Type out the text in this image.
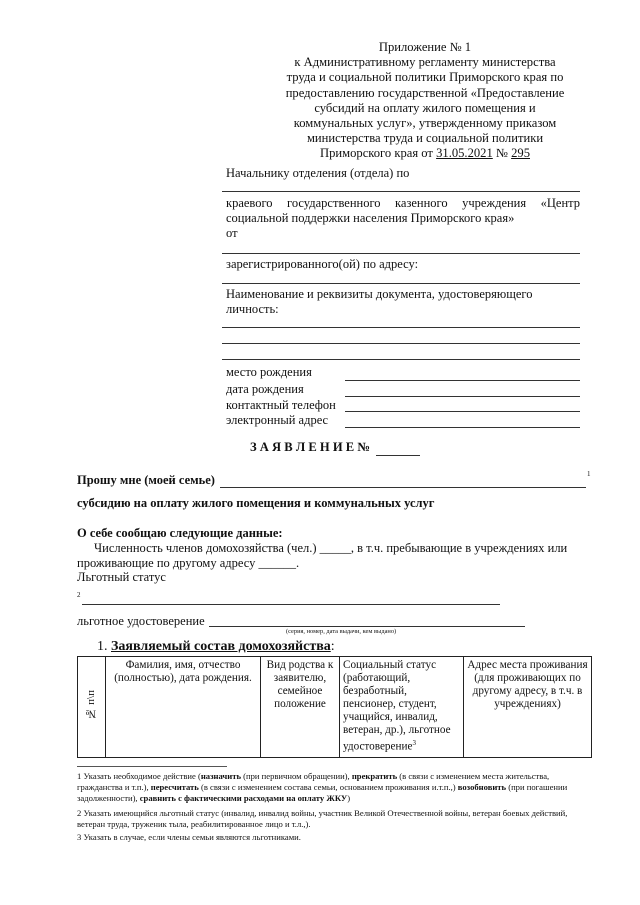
Приложение № 1
к Административному регламенту министерства
труда и социальной политики Приморского края по
предоставлению государственной «Предоставление
субсидий на оплату жилого помещения и
коммунальных услуг», утвержденному приказом
министерства труда и социальной политики
Приморского края от 31.05.2021 № 295
Начальнику отделения (отдела) по
краевого государственного казенного учреждения «Центр
социальной поддержки населения Приморского края»
от
зарегистрированного(ой) по адресу:
Наименование и реквизиты документа, удостоверяющего
личность:
место рождения
дата рождения
контактный телефон
электронный адрес
З А Я В Л Е Н И Е №
Прошу мне (моей семье)	1
субсидию на оплату жилого помещения и коммунальных услуг
О себе сообщаю следующие данные:
Численность членов домохозяйства (чел.) _____, в т.ч. пребывающие в учреждениях или
проживающие по другому адресу ______.
Льготный статус
2
льготное удостоверение
(серия, номер, дата выдачи, кем выдано)
1. Заявляемый состав домохозяйства:
№ п\п	Фамилия, имя, отчество (полностью), дата рождения.	Вид родства к заявителю, семейное положение	Социальный статус (работающий, безработный, пенсионер, студент, учащийся, инвалид, ветеран, др.), льготное удостоверение$^3$	Адрес места проживания (для проживающих по другому адресу, в т.ч. в учреждениях)
1 Указать необходимое действие (назначить (при первичном обращении), прекратить (в связи с изменением места жительства, гражданства и т.п.), пересчитать (в связи с изменением состава семьи, основанием проживания и.т.п.,) возобновить (при погашении задолженности), сравнить с фактическими расходами на оплату ЖКУ)
2 Указать имеющийся льготный статус (инвалид, инвалид войны, участник Великой Отечественной войны, ветеран боевых действий, ветеран труда, труженик тыла, реабилитированное лицо и т.л.,).
3 Указать в случае, если члены семьи являются льготниками.
